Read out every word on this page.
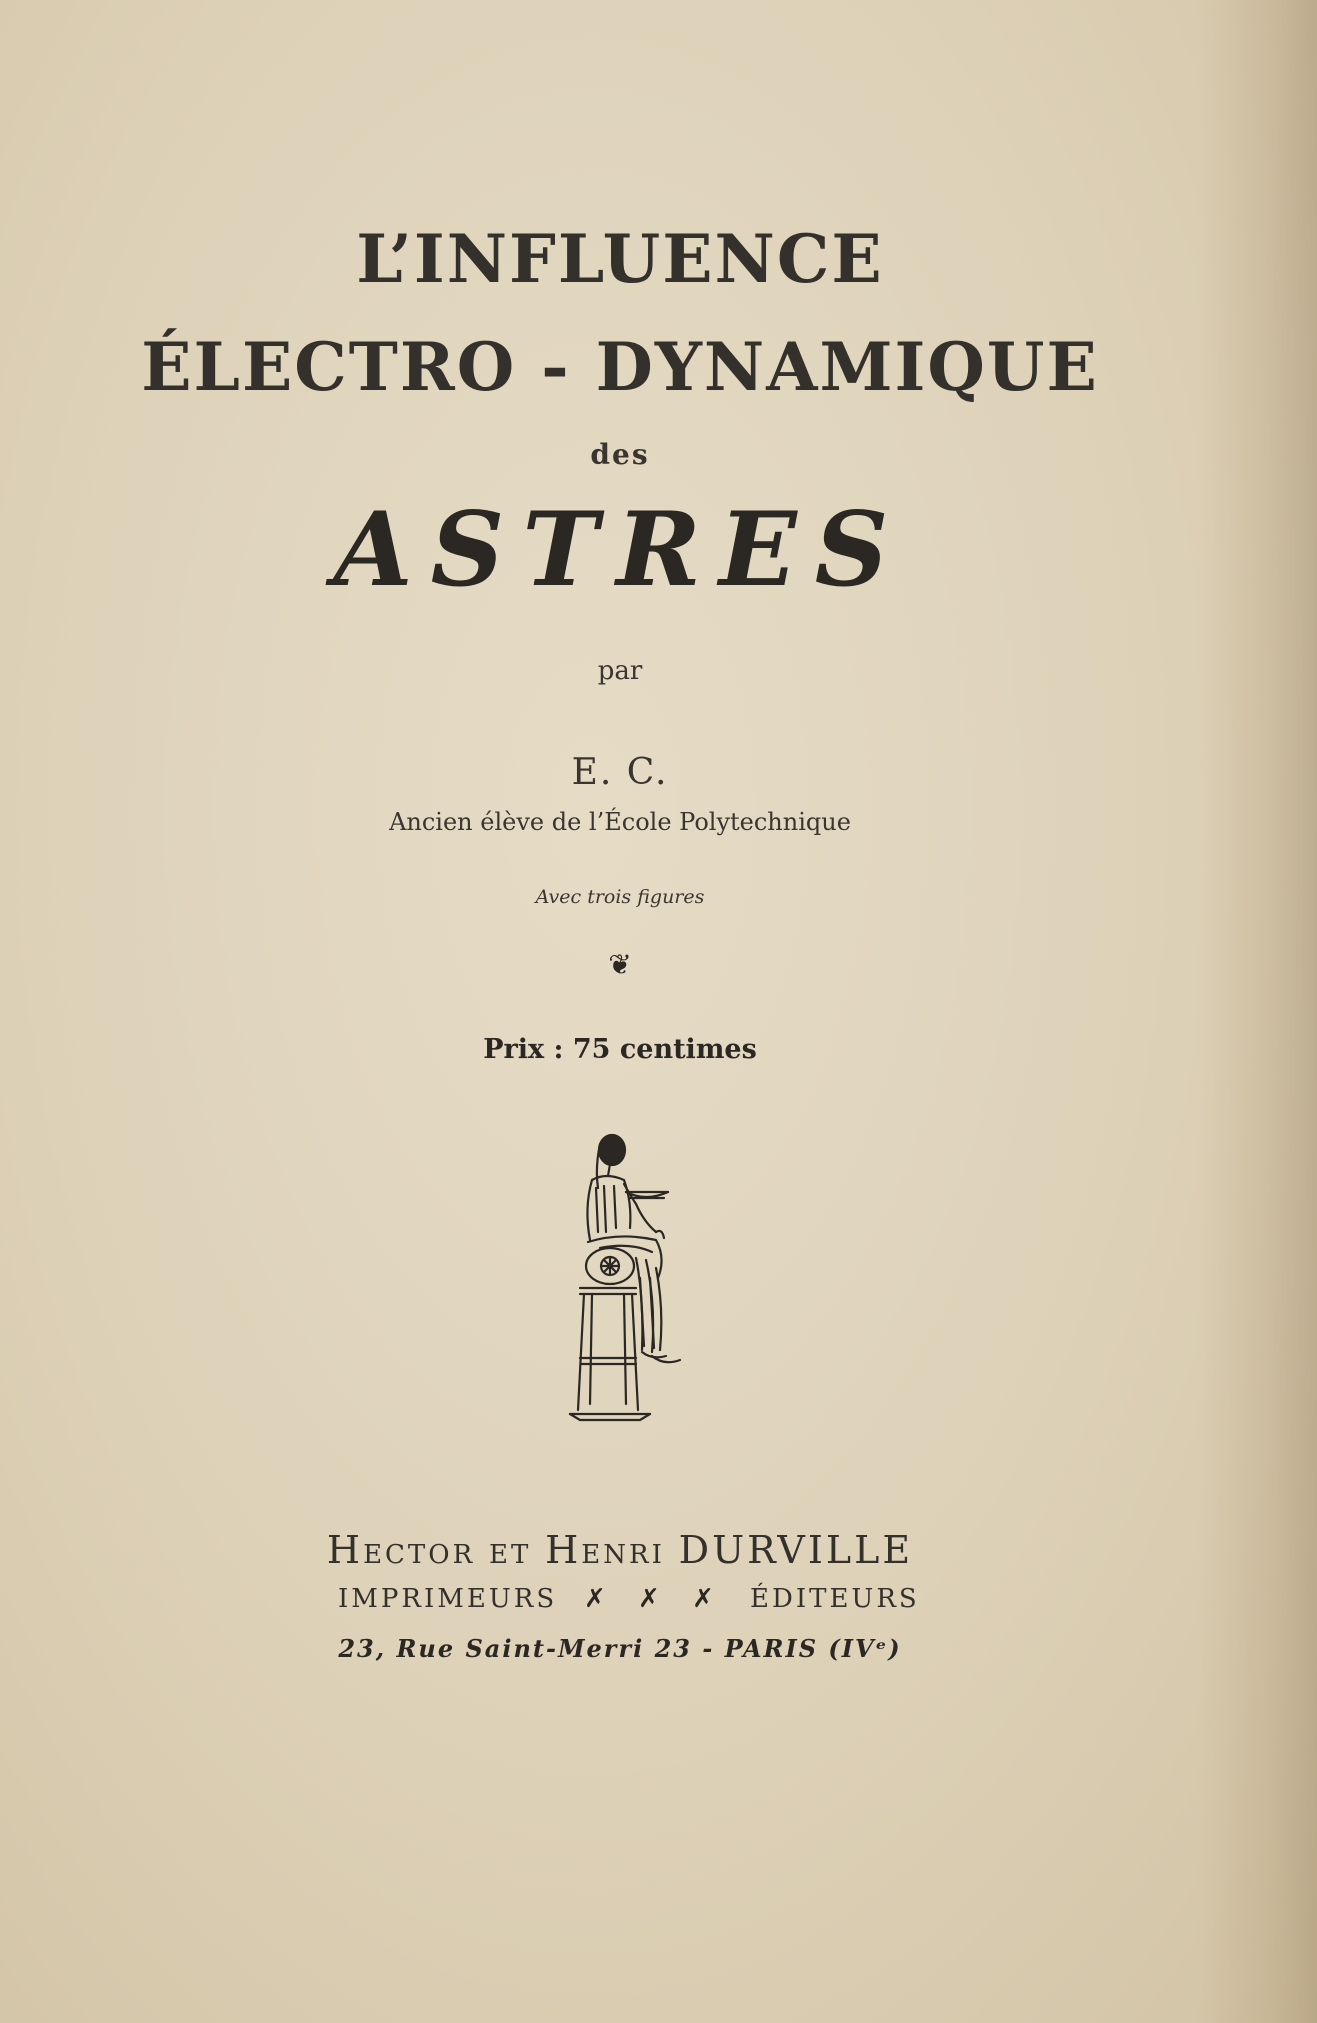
L’INFLUENCE
ÉLECTRO - DYNAMIQUE
des
ASTRES
par
E. C.
Ancien élève de l’École Polytechnique
Avec trois figures
❦
Prix : 75 centimes
HECTOR ET HENRI DURVILLE
IMPRIMEURS ✗ ✗ ✗ ÉDITEURS
23, Rue Saint-Merri 23 - PARIS (IVᵉ)
